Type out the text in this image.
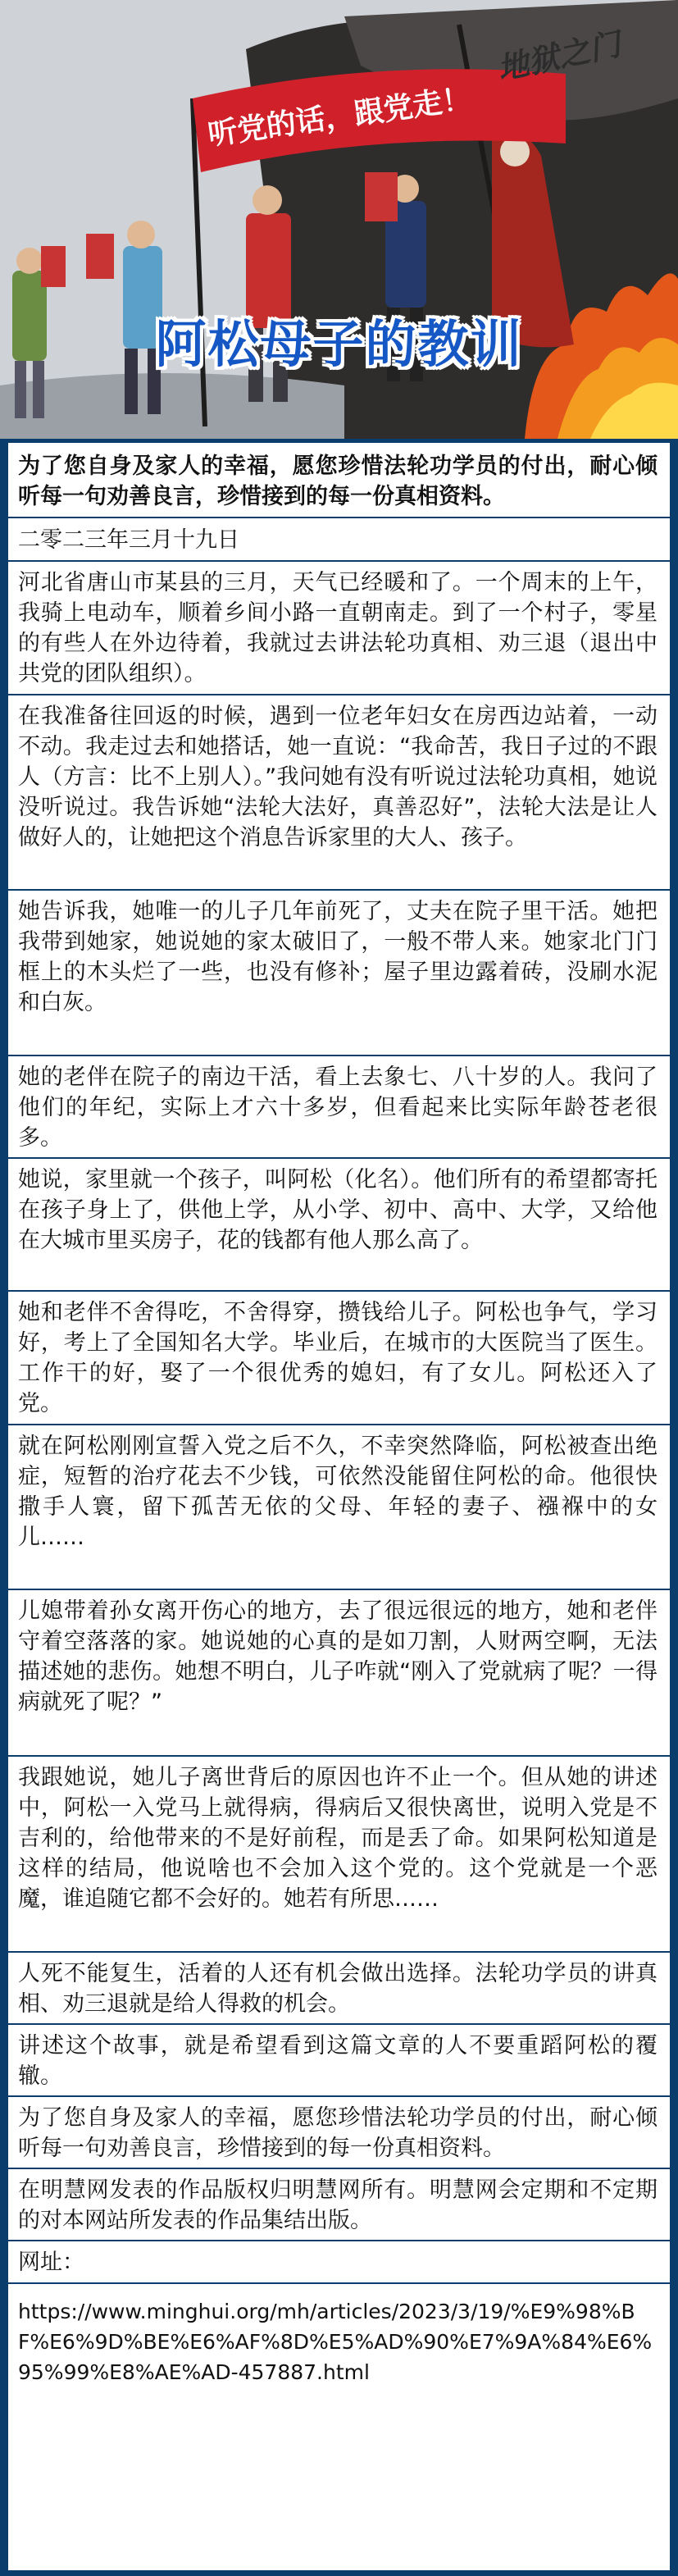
地狱之门
听党的话，跟党走！
阿松母子的教训

为了您自身及家人的幸福，愿您珍惜法轮功学员的付出，耐心倾听每一句劝善良言，珍惜接到的每一份真相资料。

二零二三年三月十九日

河北省唐山市某县的三月，天气已经暖和了。一个周末的上午，我骑上电动车，顺着乡间小路一直朝南走。到了一个村子，零星的有些人在外边待着，我就过去讲法轮功真相、劝三退（退出中共党的团队组织）。

在我准备往回返的时候，遇到一位老年妇女在房西边站着，一动不动。我走过去和她搭话，她一直说：“我命苦，我日子过的不跟人（方言：比不上别人）。”我问她有没有听说过法轮功真相，她说没听说过。我告诉她“法轮大法好，真善忍好”，法轮大法是让人做好人的，让她把这个消息告诉家里的大人、孩子。

她告诉我，她唯一的儿子几年前死了，丈夫在院子里干活。她把我带到她家，她说她的家太破旧了，一般不带人来。她家北门门框上的木头烂了一些，也没有修补；屋子里边露着砖，没刷水泥和白灰。

她的老伴在院子的南边干活，看上去象七、八十岁的人。我问了他们的年纪，实际上才六十多岁，但看起来比实际年龄苍老很多。

她说，家里就一个孩子，叫阿松（化名）。他们所有的希望都寄托在孩子身上了，供他上学，从小学、初中、高中、大学，又给他在大城市里买房子，花的钱都有他人那么高了。

她和老伴不舍得吃，不舍得穿，攒钱给儿子。阿松也争气，学习好，考上了全国知名大学。毕业后，在城市的大医院当了医生。工作干的好，娶了一个很优秀的媳妇，有了女儿。阿松还入了党。

就在阿松刚刚宣誓入党之后不久，不幸突然降临，阿松被查出绝症，短暂的治疗花去不少钱，可依然没能留住阿松的命。他很快撒手人寰，留下孤苦无依的父母、年轻的妻子、襁褓中的女儿……

儿媳带着孙女离开伤心的地方，去了很远很远的地方，她和老伴守着空落落的家。她说她的心真的是如刀割，人财两空啊，无法描述她的悲伤。她想不明白，儿子咋就“刚入了党就病了呢？一得病就死了呢？”

我跟她说，她儿子离世背后的原因也许不止一个。但从她的讲述中，阿松一入党马上就得病，得病后又很快离世，说明入党是不吉利的，给他带来的不是好前程，而是丢了命。如果阿松知道是这样的结局，他说啥也不会加入这个党的。这个党就是一个恶魔，谁追随它都不会好的。她若有所思……

人死不能复生，活着的人还有机会做出选择。法轮功学员的讲真相、劝三退就是给人得救的机会。

讲述这个故事，就是希望看到这篇文章的人不要重蹈阿松的覆辙。

为了您自身及家人的幸福，愿您珍惜法轮功学员的付出，耐心倾听每一句劝善良言，珍惜接到的每一份真相资料。

在明慧网发表的作品版权归明慧网所有。明慧网会定期和不定期的对本网站所发表的作品集结出版。

网址：

https://www.minghui.org/mh/articles/2023/3/19/%E9%98%BF%E6%9D%BE%E6%AF%8D%E5%AD%90%E7%9A%84%E6%95%99%E8%AE%AD-457887.html
